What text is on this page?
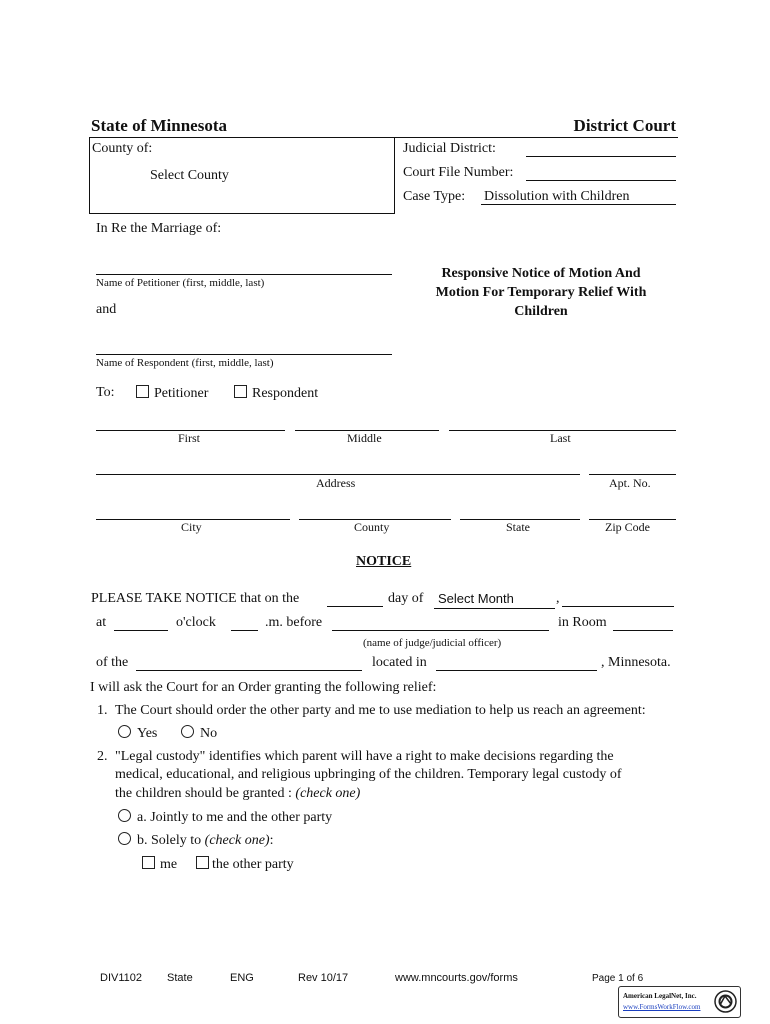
State of Minnesota	District Court
County of:
Select County
Judicial District:
Court File Number:
Case Type: Dissolution with Children
In Re the Marriage of:
Name of Petitioner (first, middle, last)
and
Name of Respondent (first, middle, last)
Responsive Notice of Motion And Motion For Temporary Relief With Children
To:	Petitioner	Respondent
First	Middle	Last
Address	Apt. No.
City	County	State	Zip Code
NOTICE
PLEASE TAKE NOTICE that on the	day of Select Month	,
at	o'clock	.m. before	in Room
(name of judge/judicial officer)
of the	located in	, Minnesota.
I will ask the Court for an Order granting the following relief:
1. The Court should order the other party and me to use mediation to help us reach an agreement:
Yes	No
2. "Legal custody" identifies which parent will have a right to make decisions regarding the
medical, educational, and religious upbringing of the children. Temporary legal custody of
the children should be granted : (check one)
a. Jointly to me and the other party
b. Solely to (check one):
me	the other party
DIV1102 State	ENG	Rev 10/17	www.mncourts.gov/forms	Page 1 of 6
American LegalNet, Inc.
www.FormsWorkFlow.com
